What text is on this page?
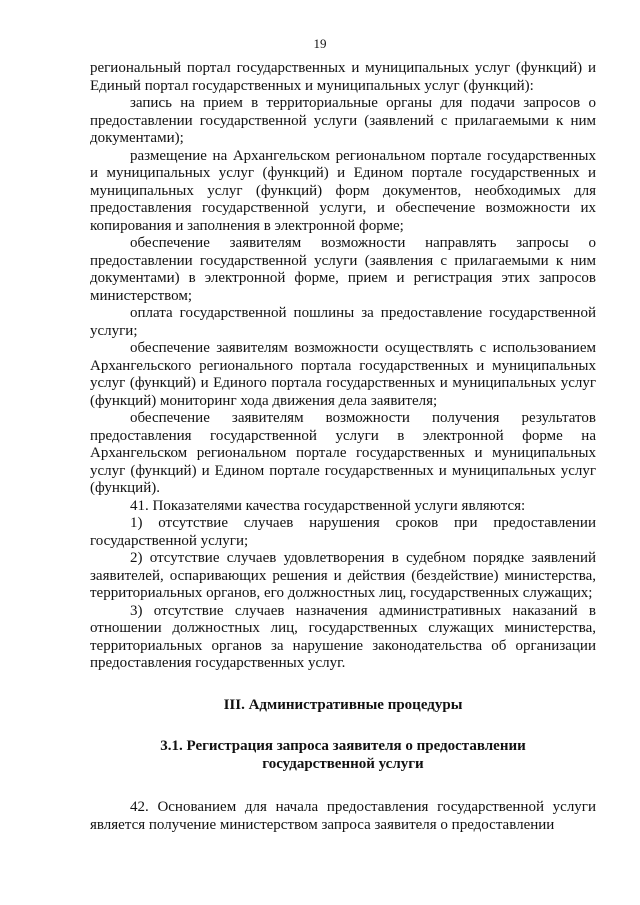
19

региональный портал государственных и муниципальных услуг (функций) и Единый портал государственных и муниципальных услуг (функций):

запись на прием в территориальные органы для подачи запросов о предоставлении государственной услуги (заявлений с прилагаемыми к ним документами);

размещение на Архангельском региональном портале государственных и муниципальных услуг (функций) и Едином портале государственных и муниципальных услуг (функций) форм документов, необходимых для предоставления государственной услуги, и обеспечение возможности их копирования и заполнения в электронной форме;

обеспечение заявителям возможности направлять запросы о предоставлении государственной услуги (заявления с прилагаемыми к ним документами) в электронной форме, прием и регистрация этих запросов министерством;

оплата государственной пошлины за предоставление государственной услуги;

обеспечение заявителям возможности осуществлять с использованием Архангельского регионального портала государственных и муниципальных услуг (функций) и Единого портала государственных и муниципальных услуг (функций) мониторинг хода движения дела заявителя;

обеспечение заявителям возможности получения результатов предоставления государственной услуги в электронной форме на Архангельском региональном портале государственных и муниципальных услуг (функций) и Едином портале государственных и муниципальных услуг (функций).

41. Показателями качества государственной услуги являются:

1) отсутствие случаев нарушения сроков при предоставлении государственной услуги;

2) отсутствие случаев удовлетворения в судебном порядке заявлений заявителей, оспаривающих решения и действия (бездействие) министерства, территориальных органов, его должностных лиц, государственных служащих;

3) отсутствие случаев назначения административных наказаний в отношении должностных лиц, государственных служащих министерства, территориальных органов за нарушение законодательства об организации предоставления государственных услуг.

III. Административные процедуры
3.1. Регистрация запроса заявителя о предоставлении
государственной услуги

42. Основанием для начала предоставления государственной услуги является получение министерством запроса заявителя о предоставлении
